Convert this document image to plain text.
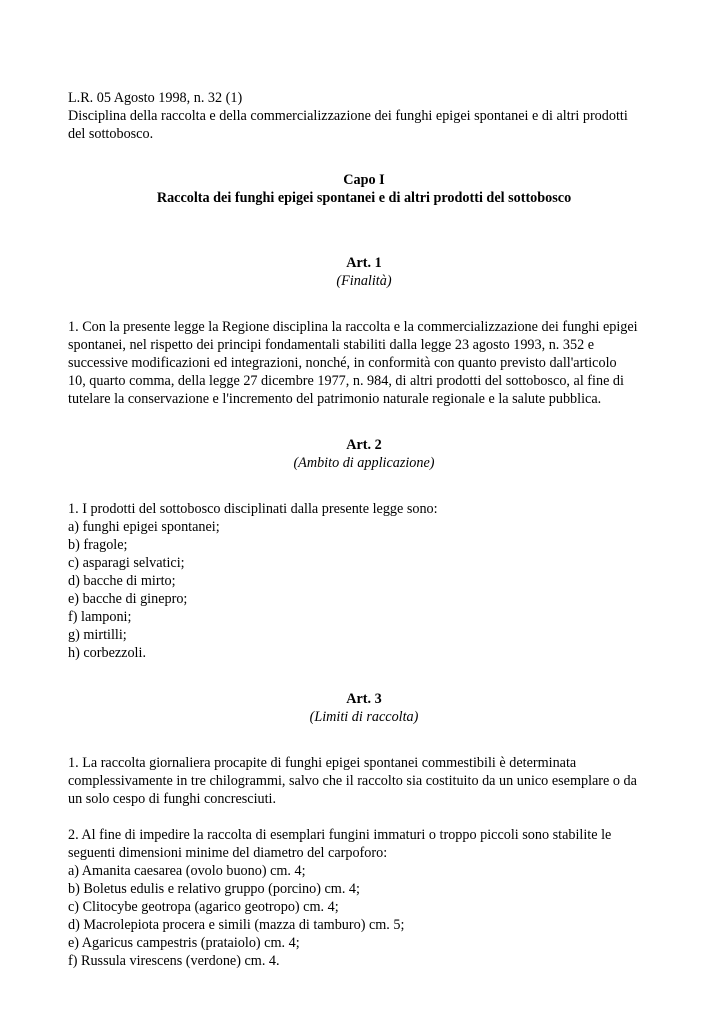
L.R. 05 Agosto 1998, n. 32 (1)
Disciplina della raccolta e della commercializzazione dei funghi epigei spontanei e di altri prodotti
del sottobosco.
Capo I
Raccolta dei funghi epigei spontanei e di altri prodotti del sottobosco
Art. 1
(Finalità)
1. Con la presente legge la Regione disciplina la raccolta e la commercializzazione dei funghi epigei
spontanei, nel rispetto dei principi fondamentali stabiliti dalla legge 23 agosto 1993, n. 352 e
successive modificazioni ed integrazioni, nonché, in conformità con quanto previsto dall'articolo
10, quarto comma, della legge 27 dicembre 1977, n. 984, di altri prodotti del sottobosco, al fine di
tutelare la conservazione e l'incremento del patrimonio naturale regionale e la salute pubblica.
Art. 2
(Ambito di applicazione)
1. I prodotti del sottobosco disciplinati dalla presente legge sono:
a) funghi epigei spontanei;
b) fragole;
c) asparagi selvatici;
d) bacche di mirto;
e) bacche di ginepro;
f) lamponi;
g) mirtilli;
h) corbezzoli.
Art. 3
(Limiti di raccolta)
1. La raccolta giornaliera procapite di funghi epigei spontanei commestibili è determinata
complessivamente in tre chilogrammi, salvo che il raccolto sia costituito da un unico esemplare o da
un solo cespo di funghi concresciuti.
2. Al fine di impedire la raccolta di esemplari fungini immaturi o troppo piccoli sono stabilite le
seguenti dimensioni minime del diametro del carpoforo:
a) Amanita caesarea (ovolo buono) cm. 4;
b) Boletus edulis e relativo gruppo (porcino) cm. 4;
c) Clitocybe geotropa (agarico geotropo) cm. 4;
d) Macrolepiota procera e simili (mazza di tamburo) cm. 5;
e) Agaricus campestris (prataiolo) cm. 4;
f) Russula virescens (verdone) cm. 4.
